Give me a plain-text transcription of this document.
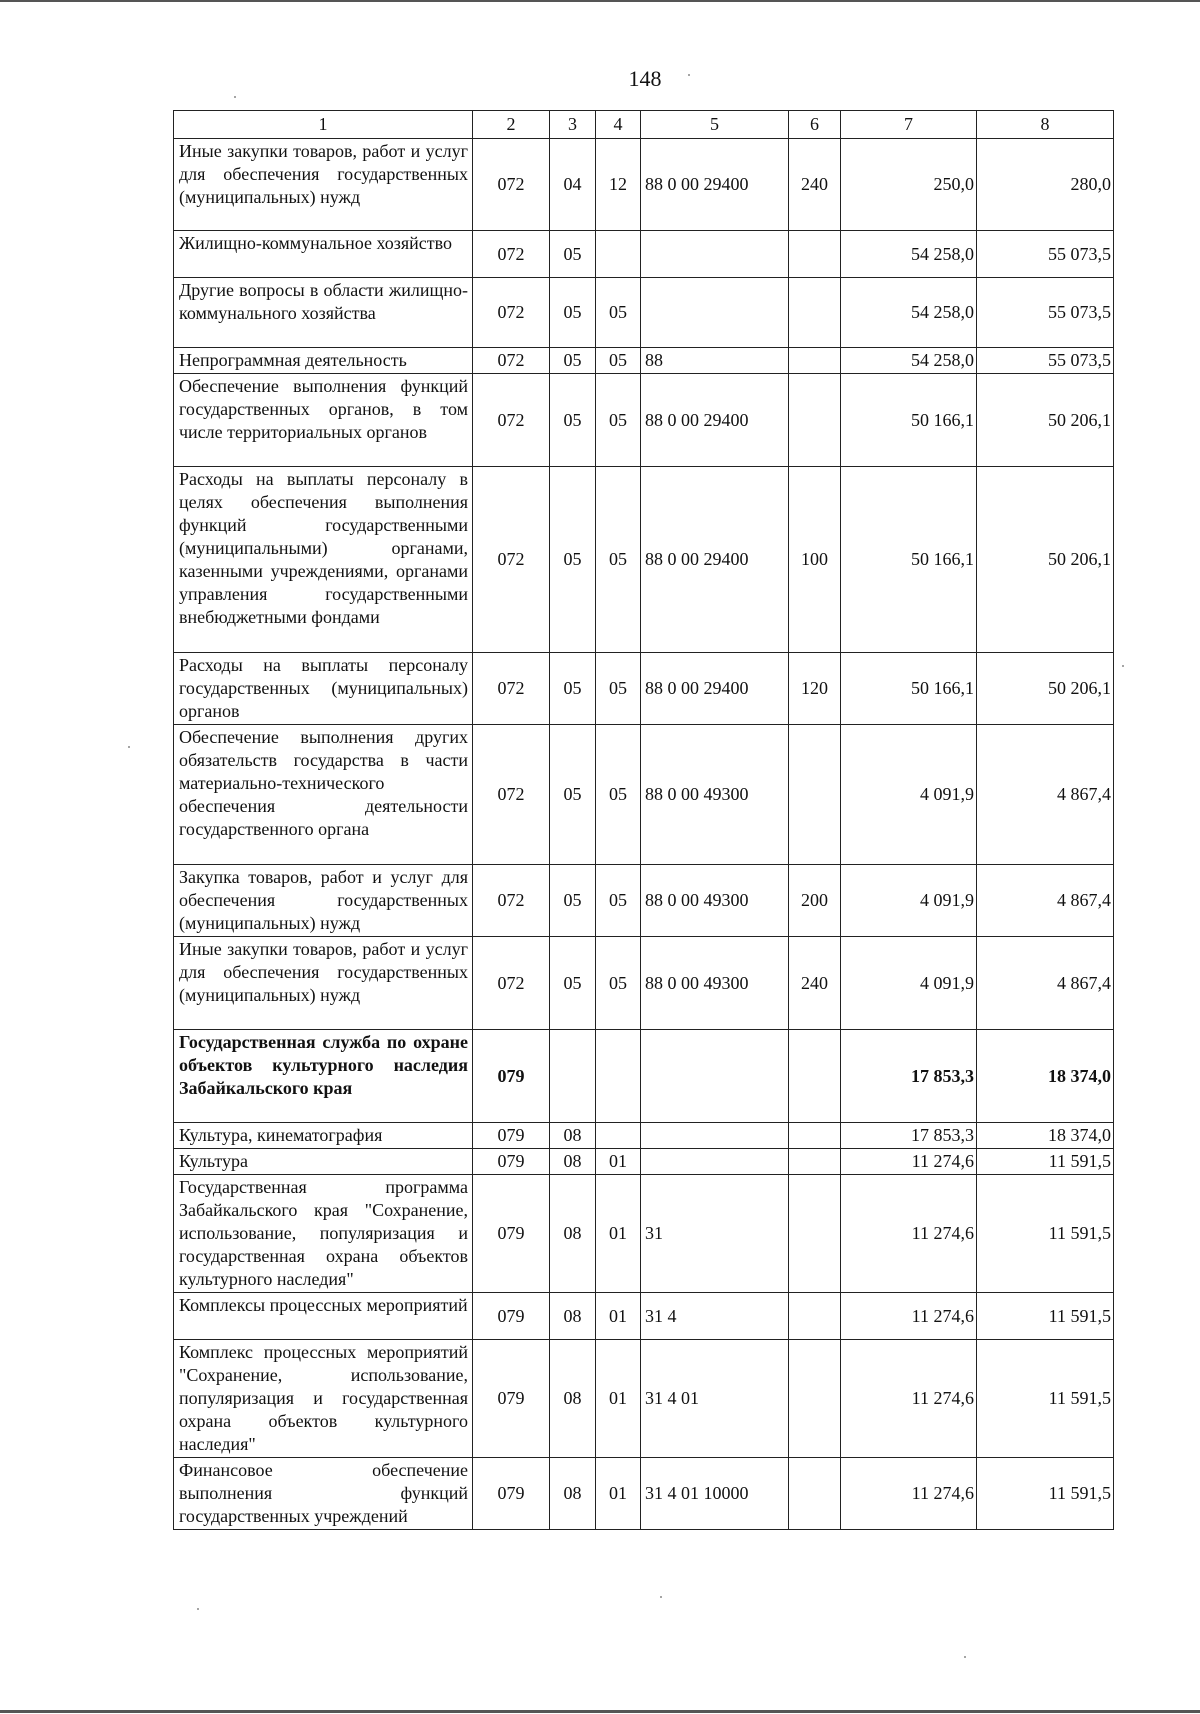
148
1	2	3	4	5	6	7	8
Иные закупки товаров, работ и услуг для обеспечения государственных (муниципальных) нужд	072	04	12	88 0 00 29400	240	250,0	280,0
Жилищно-коммунальное хозяйство	072	05				54 258,0	55 073,5
Другие вопросы в области жилищно-коммунального хозяйства	072	05	05			54 258,0	55 073,5
Непрограммная деятельность	072	05	05	88		54 258,0	55 073,5
Обеспечение выполнения функций государственных органов, в том числе территориальных органов	072	05	05	88 0 00 29400		50 166,1	50 206,1
Расходы на выплаты персоналу в целях обеспечения выполнения функций государственными (муниципальными) органами, казенными учреждениями, органами управления государственными внебюджетными фондами	072	05	05	88 0 00 29400	100	50 166,1	50 206,1
Расходы на выплаты персоналу государственных (муниципальных) органов	072	05	05	88 0 00 29400	120	50 166,1	50 206,1
Обеспечение выполнения других обязательств государства в части материально-технического обеспечения деятельности государственного органа	072	05	05	88 0 00 49300		4 091,9	4 867,4
Закупка товаров, работ и услуг для обеспечения государственных (муниципальных) нужд	072	05	05	88 0 00 49300	200	4 091,9	4 867,4
Иные закупки товаров, работ и услуг для обеспечения государственных (муниципальных) нужд	072	05	05	88 0 00 49300	240	4 091,9	4 867,4
Государственная служба по охране объектов культурного наследия Забайкальского края	079					17 853,3	18 374,0
Культура, кинематография	079	08				17 853,3	18 374,0
Культура	079	08	01			11 274,6	11 591,5
Государственная программа Забайкальского края "Сохранение, использование, популяризация и государственная охрана объектов культурного наследия"	079	08	01	31		11 274,6	11 591,5
Комплексы процессных мероприятий	079	08	01	31 4		11 274,6	11 591,5
Комплекс процессных мероприятий "Сохранение, использование, популяризация и государственная охрана объектов культурного наследия"	079	08	01	31 4 01		11 274,6	11 591,5
Финансовое обеспечение выполнения функций государственных учреждений	079	08	01	31 4 01 10000		11 274,6	11 591,5
